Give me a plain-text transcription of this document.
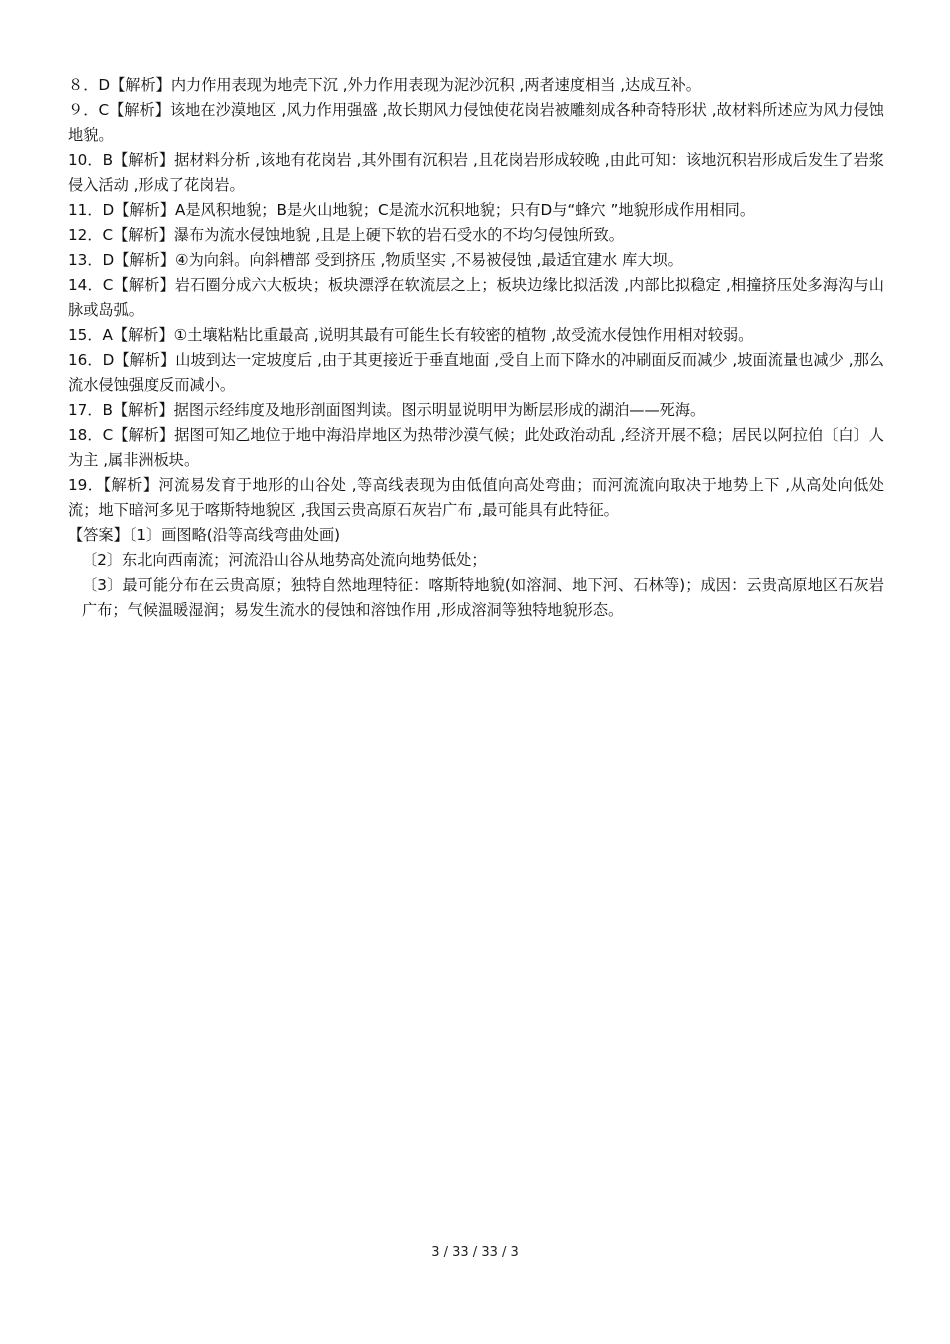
８．D【解析】内力作用表现为地壳下沉 ,外力作用表现为泥沙沉积 ,两者速度相当 ,达成互补。

９．C【解析】该地在沙漠地区 ,风力作用强盛 ,故长期风力侵蚀使花岗岩被雕刻成各种奇特形状 ,故材料所述应为风力侵蚀地貌。

10．B【解析】据材料分析 ,该地有花岗岩 ,其外围有沉积岩 ,且花岗岩形成较晚 ,由此可知：该地沉积岩形成后发生了岩浆侵入活动 ,形成了花岗岩。

11．D【解析】A是风积地貌；B是火山地貌；C是流水沉积地貌；只有D与“蜂穴 ”地貌形成作用相同。

12．C【解析】瀑布为流水侵蚀地貌 ,且是上硬下软的岩石受水的不均匀侵蚀所致。

13．D【解析】④为向斜。向斜槽部 受到挤压 ,物质坚实 ,不易被侵蚀 ,最适宜建水 库大坝。

14．C【解析】岩石圈分成六大板块；板块漂浮在软流层之上；板块边缘比拟活泼 ,内部比拟稳定 ,相撞挤压处多海沟与山脉或岛弧。

15．A【解析】①土壤粘粘比重最高 ,说明其最有可能生长有较密的植物 ,故受流水侵蚀作用相对较弱。

16．D【解析】山坡到达一定坡度后 ,由于其更接近于垂直地面 ,受自上而下降水的冲刷面反而减少 ,坡面流量也减少 ,那么流水侵蚀强度反而减小。

17．B【解析】据图示经纬度及地形剖面图判读。图示明显说明甲为断层形成的湖泊——死海。

18．C【解析】据图可知乙地位于地中海沿岸地区为热带沙漠气候；此处政治动乱 ,经济开展不稳；居民以阿拉伯〔白〕人为主 ,属非洲板块。

19．【解析】河流易发育于地形的山谷处 ,等高线表现为由低值向高处弯曲；而河流流向取决于地势上下 ,从高处向低处流；地下暗河多见于喀斯特地貌区 ,我国云贵高原石灰岩广布 ,最可能具有此特征。

【答案】〔1〕画图略(沿等高线弯曲处画)

〔2〕东北向西南流；河流沿山谷从地势高处流向地势低处；

〔3〕最可能分布在云贵高原；独特自然地理特征：喀斯特地貌(如溶洞、地下河、石林等)；成因：云贵高原地区石灰岩广布；气候温暖湿润；易发生流水的侵蚀和溶蚀作用 ,形成溶洞等独特地貌形态。

3 / 33 / 33 / 3
